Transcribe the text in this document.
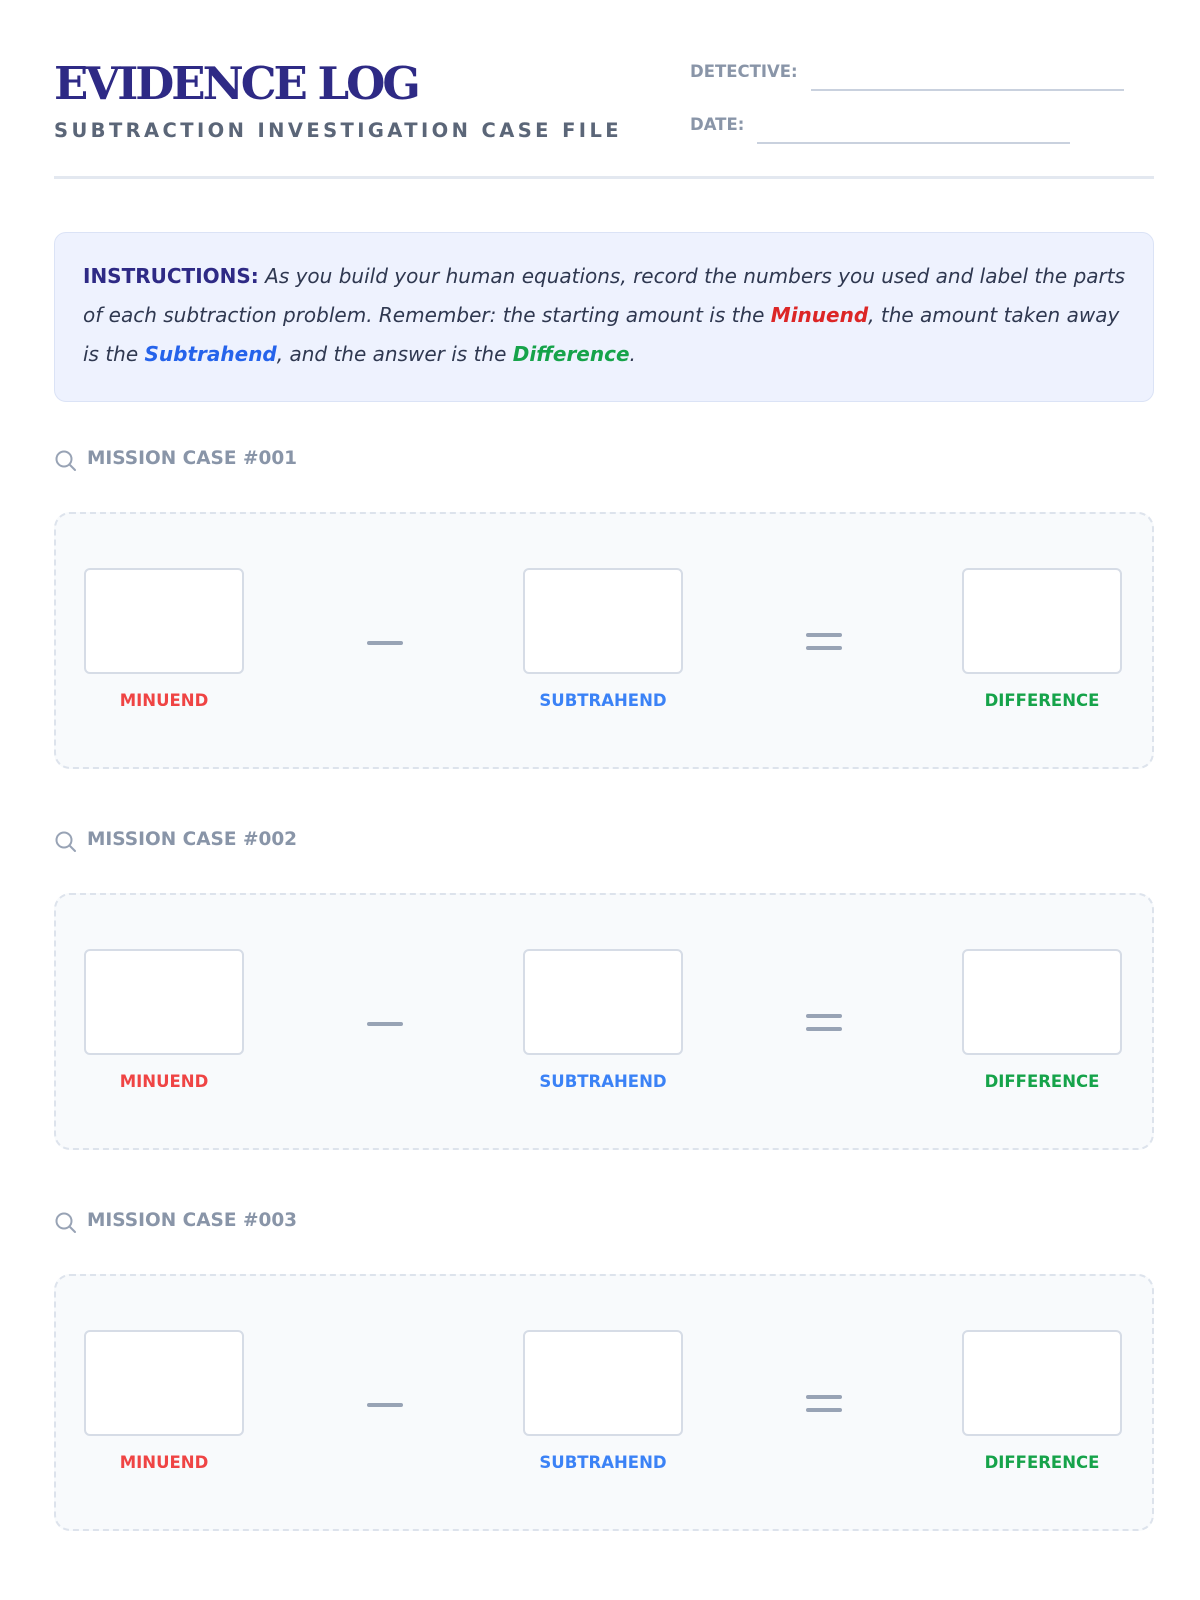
EVIDENCE LOG
SUBTRACTION INVESTIGATION CASE FILE
DETECTIVE:
DATE:
INSTRUCTIONS: As you build your human equations, record the numbers you used and label the parts of each subtraction problem. Remember: the starting amount is the Minuend, the amount taken away is the Subtrahend, and the answer is the Difference.
MISSION CASE #001
MINUEND	SUBTRAHEND	DIFFERENCE
MISSION CASE #002
MINUEND	SUBTRAHEND	DIFFERENCE
MISSION CASE #003
MINUEND	SUBTRAHEND	DIFFERENCE
